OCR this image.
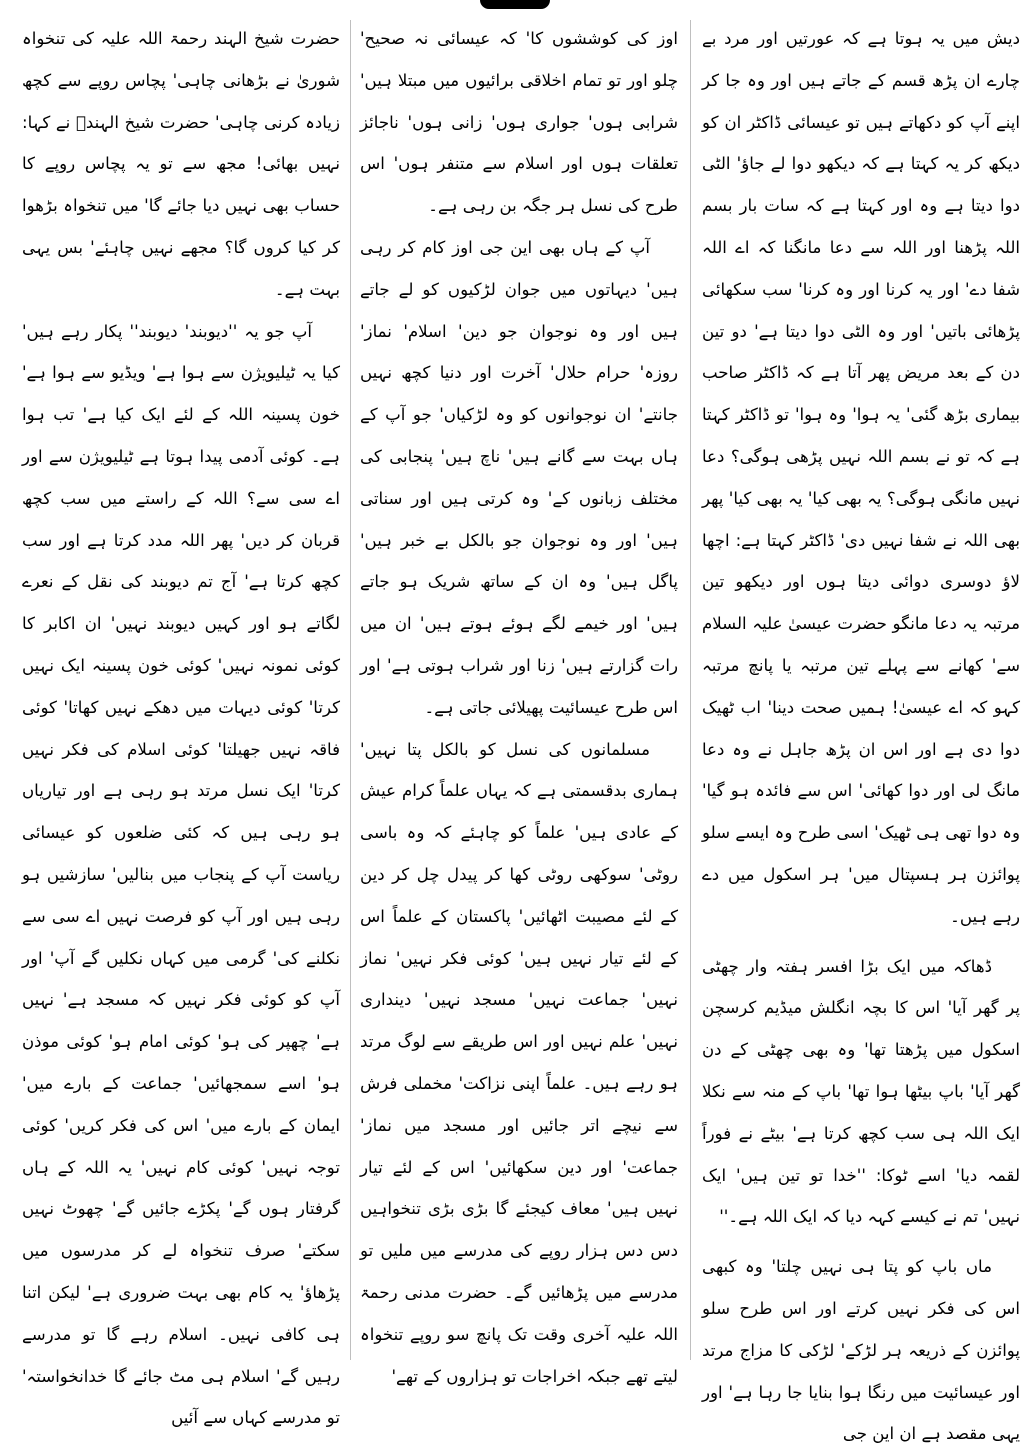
دیش میں یہ ہوتا ہے کہ عورتیں اور مرد بے چارے ان پڑھ قسم کے جاتے ہیں اور وہ جا کر اپنے آپ کو دکھاتے ہیں تو عیسائی ڈاکٹر ان کو دیکھ کر یہ کہتا ہے کہ دیکھو دوا لے جاؤ' الٹی دوا دیتا ہے وہ اور کہتا ہے کہ سات بار بسم اللہ پڑھنا اور اللہ سے دعا مانگنا کہ اے اللہ شفا دے' اور یہ کرنا اور وہ کرنا' سب سکھائی پڑھائی باتیں' اور وہ الٹی دوا دیتا ہے' دو تین دن کے بعد مریض پھر آتا ہے کہ ڈاکٹر صاحب بیماری بڑھ گئی' یہ ہوا' وہ ہوا' تو ڈاکٹر کہتا ہے کہ تو نے بسم اللہ نہیں پڑھی ہوگی؟ دعا نہیں مانگی ہوگی؟ یہ بھی کیا' یہ بھی کیا' پھر بھی اللہ نے شفا نہیں دی' ڈاکٹر کہتا ہے: اچھا لاؤ دوسری دوائی دیتا ہوں اور دیکھو تین مرتبہ یہ دعا مانگو حضرت عیسیٰ علیہ السلام سے' کھانے سے پہلے تین مرتبہ یا پانچ مرتبہ کہو کہ اے عیسیٰ! ہمیں صحت دینا' اب ٹھیک دوا دی ہے اور اس ان پڑھ جاہل نے وہ دعا مانگ لی اور دوا کھائی' اس سے فائدہ ہو گیا' وہ دوا تھی ہی ٹھیک' اسی طرح وہ ایسے سلو پوائزن ہر ہسپتال میں' ہر اسکول میں دے رہے ہیں۔

ڈھاکہ میں ایک بڑا افسر ہفتہ وار چھٹی پر گھر آیا' اس کا بچہ انگلش میڈیم کرسچن اسکول میں پڑھتا تھا' وہ بھی چھٹی کے دن گھر آیا' باپ بیٹھا ہوا تھا' باپ کے منہ سے نکلا ایک اللہ ہی سب کچھ کرتا ہے' بیٹے نے فوراً لقمہ دیا' اسے ٹوکا: ''خدا تو تین ہیں' ایک نہیں' تم نے کیسے کہہ دیا کہ ایک اللہ ہے۔''

ماں باپ کو پتا ہی نہیں چلتا' وہ کبھی اس کی فکر نہیں کرتے اور اس طرح سلو پوائزن کے ذریعہ ہر لڑکے' لڑکی کا مزاج مرتد اور عیسائیت میں رنگا ہوا بنایا جا رہا ہے' اور یہی مقصد ہے ان این جی

اوز کی کوششوں کا' کہ عیسائی نہ صحیح' چلو اور تو تمام اخلاقی برائیوں میں مبتلا ہیں' شرابی ہوں' جواری ہوں' زانی ہوں' ناجائز تعلقات ہوں اور اسلام سے متنفر ہوں' اس طرح کی نسل ہر جگہ بن رہی ہے۔

آپ کے ہاں بھی این جی اوز کام کر رہی ہیں' دیہاتوں میں جوان لڑکیوں کو لے جاتے ہیں اور وہ نوجوان جو دین' اسلام' نماز' روزہ' حرام حلال' آخرت اور دنیا کچھ نہیں جانتے' ان نوجوانوں کو وہ لڑکیاں' جو آپ کے ہاں بہت سے گانے ہیں' ناچ ہیں' پنجابی کی مختلف زبانوں کے' وہ کرتی ہیں اور سناتی ہیں' اور وہ نوجوان جو بالکل بے خبر ہیں' پاگل ہیں' وہ ان کے ساتھ شریک ہو جاتے ہیں' اور خیمے لگے ہوئے ہوتے ہیں' ان میں رات گزارتے ہیں' زنا اور شراب ہوتی ہے' اور اس طرح عیسائیت پھیلائی جاتی ہے۔

مسلمانوں کی نسل کو بالکل پتا نہیں' ہماری بدقسمتی ہے کہ یہاں علماً کرام عیش کے عادی ہیں' علماً کو چاہئے کہ وہ باسی روٹی' سوکھی روٹی کھا کر پیدل چل کر دین کے لئے مصیبت اٹھائیں' پاکستان کے علماً اس کے لئے تیار نہیں ہیں' کوئی فکر نہیں' نماز نہیں' جماعت نہیں' مسجد نہیں' دینداری نہیں' علم نہیں اور اس طریقے سے لوگ مرتد ہو رہے ہیں۔ علماً اپنی نزاکت' مخملی فرش سے نیچے اتر جائیں اور مسجد میں نماز' جماعت' اور دین سکھائیں' اس کے لئے تیار نہیں ہیں' معاف کیجئے گا بڑی بڑی تنخواہیں دس دس ہزار روپے کی مدرسے میں ملیں تو مدرسے میں پڑھائیں گے۔ حضرت مدنی رحمۃ اللہ علیہ آخری وقت تک پانچ سو روپے تنخواہ لیتے تھے جبکہ اخراجات تو ہزاروں کے تھے'

حضرت شیخ الہند رحمۃ اللہ علیہ کی تنخواہ شوریٰ نے بڑھانی چاہی' پچاس روپے سے کچھ زیادہ کرنی چاہی' حضرت شیخ الہندؒ نے کہا: نہیں بھائی! مجھ سے تو یہ پچاس روپے کا حساب بھی نہیں دیا جائے گا' میں تنخواہ بڑھوا کر کیا کروں گا؟ مجھے نہیں چاہئے' بس یہی بہت ہے۔

آپ جو یہ ''دیوبند' دیوبند'' پکار رہے ہیں' کیا یہ ٹیلیویژن سے ہوا ہے' ویڈیو سے ہوا ہے' خون پسینہ اللہ کے لئے ایک کیا ہے' تب ہوا ہے۔ کوئی آدمی پیدا ہوتا ہے ٹیلیویژن سے اور اے سی سے؟ اللہ کے راستے میں سب کچھ قربان کر دیں' پھر اللہ مدد کرتا ہے اور سب کچھ کرتا ہے' آج تم دیوبند کی نقل کے نعرے لگاتے ہو اور کہیں دیوبند نہیں' ان اکابر کا کوئی نمونہ نہیں' کوئی خون پسینہ ایک نہیں کرتا' کوئی دیہات میں دھکے نہیں کھاتا' کوئی فاقہ نہیں جھیلتا' کوئی اسلام کی فکر نہیں کرتا' ایک نسل مرتد ہو رہی ہے اور تیاریاں ہو رہی ہیں کہ کئی ضلعوں کو عیسائی ریاست آپ کے پنجاب میں بنالیں' سازشیں ہو رہی ہیں اور آپ کو فرصت نہیں اے سی سے نکلنے کی' گرمی میں کہاں نکلیں گے آپ' اور آپ کو کوئی فکر نہیں کہ مسجد ہے' نہیں ہے' چھپر کی ہو' کوئی امام ہو' کوئی موذن ہو' اسے سمجھائیں' جماعت کے بارے میں' ایمان کے بارے میں' اس کی فکر کریں' کوئی توجہ نہیں' کوئی کام نہیں' یہ اللہ کے ہاں گرفتار ہوں گے' پکڑے جائیں گے' چھوٹ نہیں سکتے' صرف تنخواہ لے کر مدرسوں میں پڑھاؤ' یہ کام بھی بہت ضروری ہے' لیکن اتنا ہی کافی نہیں۔ اسلام رہے گا تو مدرسے رہیں گے' اسلام ہی مٹ جائے گا خدانخواستہ' تو مدرسے کہاں سے آئیں
